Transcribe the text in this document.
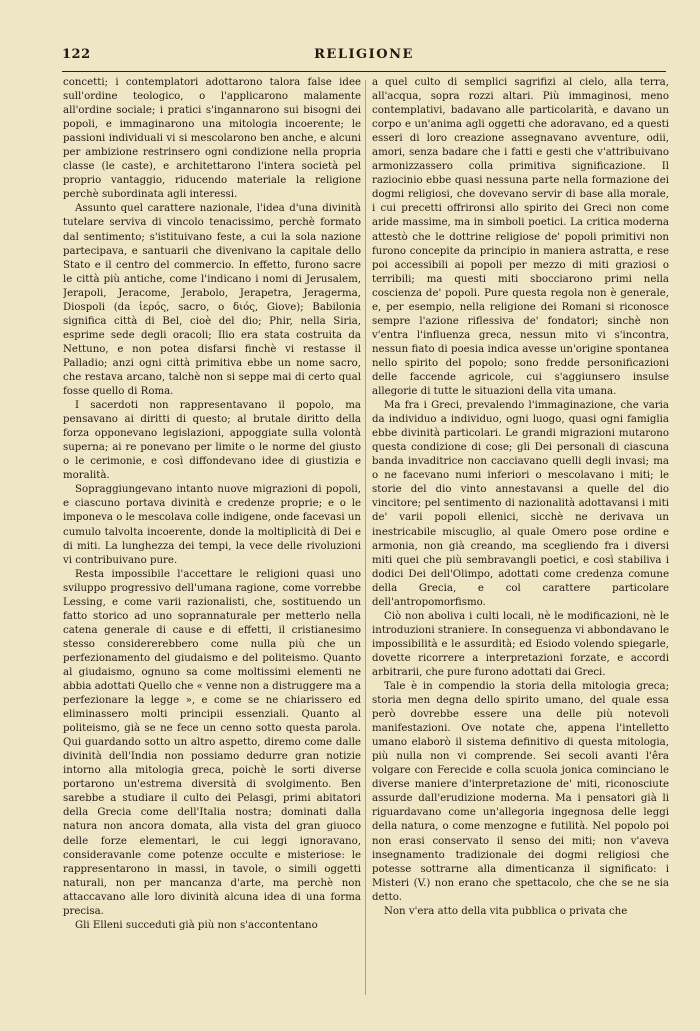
122	RELIGIONE

concetti; i contemplatori adottarono talora false idee sull'ordine teologico, o l'applicarono malamente all'ordine sociale; i pratici s'ingannarono sui bisogni dei popoli, e immaginarono una mitologia incoerente; le passioni individuali vi si mescolarono ben anche, e alcuni per ambizione restrinsero ogni condizione nella propria classe (le caste), e architettarono l'intera società pel proprio vantaggio, riducendo materiale la religione perchè subordinata agli interessi.

Assunto quel carattere nazionale, l'idea d'una divinità tutelare serviva di vincolo tenacissimo, perchè formato dal sentimento; s'istituivano feste, a cui la sola nazione partecipava, e santuarii che divenivano la capitale dello Stato e il centro del commercio. In effetto, furono sacre le città più antiche, come l'indicano i nomi di Jerusalem, Jerapoli, Jeracome, Jerabolo, Jerapetra, Jeragerma, Diospoli (da ἱερός, sacro, o διός, Giove); Babilonia significa città di Bel, cioè del dio; Phir, nella Siria, esprime sede degli oracoli; Ilio era stata costruita da Nettuno, e non potea disfarsi finchè vi restasse il Palladio; anzi ogni città primitiva ebbe un nome sacro, che restava arcano, talchè non si seppe mai di certo qual fosse quello di Roma.

I sacerdoti non rappresentavano il popolo, ma pensavano ai diritti di questo; al brutale diritto della forza opponevano legislazioni, appoggiate sulla volontà superna; ai re ponevano per limite o le norme del giusto o le cerimonie, e così diffondevano idee di giustizia e moralità.

Sopraggiungevano intanto nuove migrazioni di popoli, e ciascuno portava divinità e credenze proprie; e o le imponeva o le mescolava colle indigene, onde facevasi un cumulo talvolta incoerente, donde la moltiplicità di Dei e di miti. La lunghezza dei tempi, la vece delle rivoluzioni vi contribuivano pure.

Resta impossibile l'accettare le religioni quasi uno sviluppo progressivo dell'umana ragione, come vorrebbe Lessing, e come varii razionalisti, che, sostituendo un fatto storico ad uno soprannaturale per metterlo nella catena generale di cause e di effetti, il cristianesimo stesso considererebbero come nulla più che un perfezionamento del giudaismo e del politeismo. Quanto al giudaismo, ognuno sa come moltissimi elementi ne abbia adottati Quello che « venne non a distruggere ma a perfezionare la legge », e come se ne chiarissero ed eliminassero molti principii essenziali. Quanto al politeismo, già se ne fece un cenno sotto questa parola. Qui guardando sotto un altro aspetto, diremo come dalle divinità dell'India non possiamo dedurre gran notizie intorno alla mitologia greca, poichè le sorti diverse portarono un'estrema diversità di svolgimento. Ben sarebbe a studiare il culto dei Pelasgi, primi abitatori della Grecia come dell'Italia nostra; dominati dalla natura non ancora domata, alla vista del gran giuoco delle forze elementari, le cui leggi ignoravano, consideravanle come potenze occulte e misteriose: le rappresentarono in massi, in tavole, o simili oggetti naturali, non per mancanza d'arte, ma perchè non attaccavano alle loro divinità alcuna idea di una forma precisa.

Gli Elleni succeduti già più non s'accontentano

a quel culto di semplici sagrifizi al cielo, alla terra, all'acqua, sopra rozzi altari. Più immaginosi, meno contemplativi, badavano alle particolarità, e davano un corpo e un'anima agli oggetti che adoravano, ed a questi esseri di loro creazione assegnavano avventure, odii, amori, senza badare che i fatti e gesti che v'attribuivano armonizzassero colla primitiva significazione. Il raziocinio ebbe quasi nessuna parte nella formazione dei dogmi religiosi, che dovevano servir di base alla morale, i cui precetti offrironsi allo spirito dei Greci non come aride massime, ma in simboli poetici. La critica moderna attestò che le dottrine religiose de' popoli primitivi non furono concepite da principio in maniera astratta, e rese poi accessibili ai popoli per mezzo di miti graziosi o terribili; ma questi miti sbocciarono primi nella coscienza de' popoli. Pure questa regola non è generale, e, per esempio, nella religione dei Romani si riconosce sempre l'azione riflessiva de' fondatori; sinchè non v'entra l'influenza greca, nessun mito vi s'incontra, nessun fiato di poesia indica avesse un'origine spontanea nello spirito del popolo; sono fredde personificazioni delle faccende agricole, cui s'aggiunsero insulse allegorie di tutte le situazioni della vita umana.

Ma fra i Greci, prevalendo l'immaginazione, che varia da individuo a individuo, ogni luogo, quasi ogni famiglia ebbe divinità particolari. Le grandi migrazioni mutarono questa condizione di cose; gli Dei personali di ciascuna banda invaditrice non cacciavano quelli degli invasi; ma o ne facevano numi inferiori o mescolavano i miti; le storie del dio vinto annestavansi a quelle del dio vincitore; pel sentimento di nazionalità adottavansi i miti de' varii popoli ellenici, sicchè ne derivava un inestricabile miscuglio, al quale Omero pose ordine e armonia, non già creando, ma scegliendo fra i diversi miti quei che più sembravangli poetici, e così stabiliva i dodici Dei dell'Olimpo, adottati come credenza comune della Grecia, e col carattere particolare dell'antropomorfismo.

Ciò non aboliva i culti locali, nè le modificazioni, nè le introduzioni straniere. In conseguenza vi abbondavano le impossibilità e le assurdità; ed Esiodo volendo spiegarle, dovette ricorrere a interpretazioni forzate, e accordi arbitrarii, che pure furono adottati dai Greci.

Tale è in compendio la storia della mitologia greca; storia men degna dello spirito umano, del quale essa però dovrebbe essere una delle più notevoli manifestazioni. Ove notate che, appena l'intelletto umano elaborò il sistema definitivo di questa mitologia, più nulla non vi comprende. Sei secoli avanti l'êra volgare con Ferecide e colla scuola jonica cominciano le diverse maniere d'interpretazione de' miti, riconosciute assurde dall'erudizione moderna. Ma i pensatori già li riguardavano come un'allegoria ingegnosa delle leggi della natura, o come menzogne e futilità. Nel popolo poi non erasi conservato il senso dei miti; non v'aveva insegnamento tradizionale dei dogmi religiosi che potesse sottrarne alla dimenticanza il significato: i Misteri (V.) non erano che spettacolo, che che se ne sia detto.

Non v'era atto della vita pubblica o privata che
